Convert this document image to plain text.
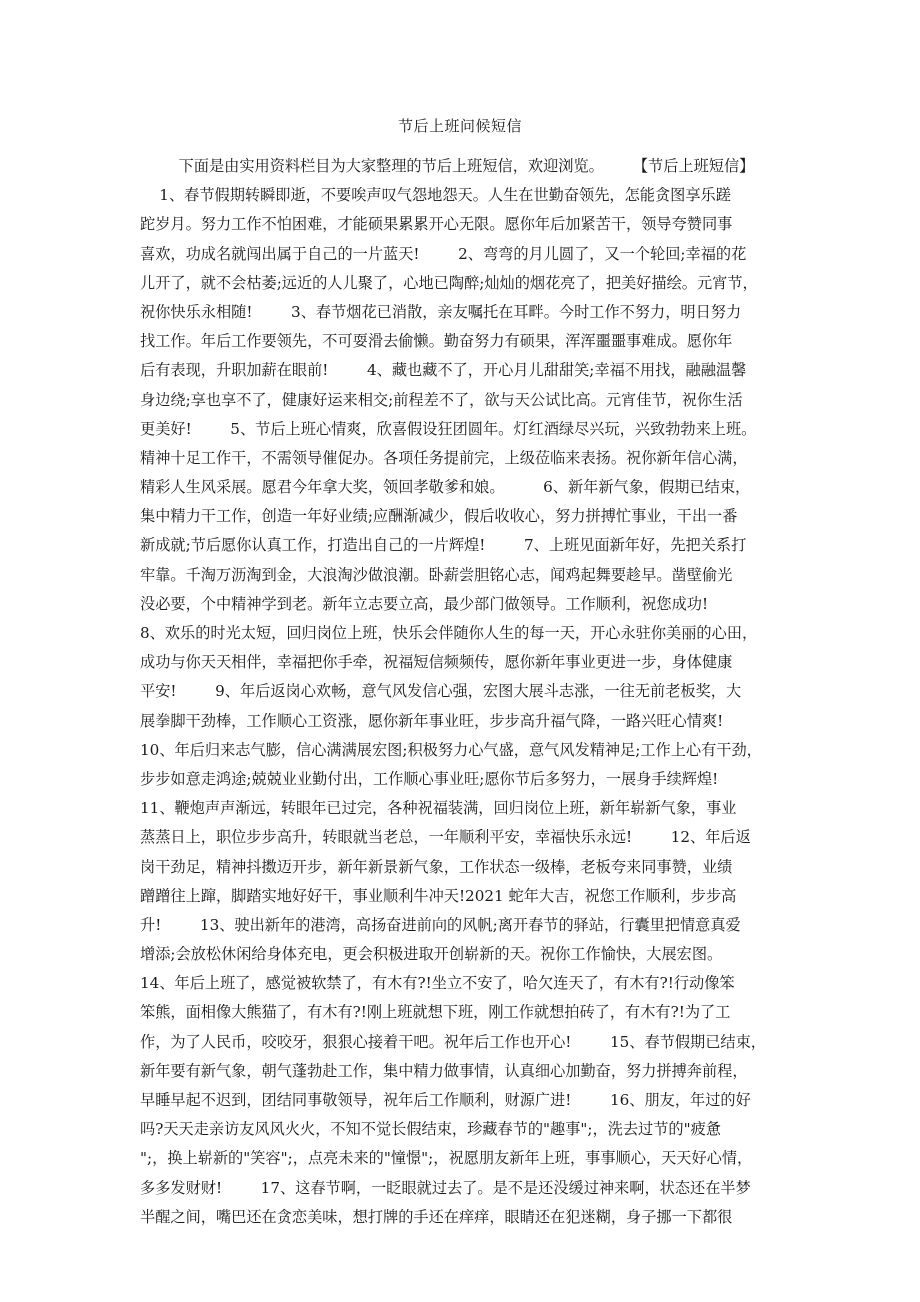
节后上班问候短信
下面是由实用资料栏目为大家整理的节后上班短信，欢迎浏览。      【节后上班短信】
1、春节假期转瞬即逝，不要唉声叹气怨地怨天。人生在世勤奋领先，怎能贪图享乐蹉
跎岁月。努力工作不怕困难，才能硕果累累开心无限。愿你年后加紧苦干，领导夸赞同事
喜欢，功成名就闯出属于自己的一片蓝天!        2、弯弯的月儿圆了，又一个轮回;幸福的花
儿开了，就不会枯萎;远近的人儿聚了，心地已陶醉;灿灿的烟花亮了，把美好描绘。元宵节，
祝你快乐永相随!        3、春节烟花已消散，亲友嘱托在耳畔。今时工作不努力，明日努力
找工作。年后工作要领先，不可耍滑去偷懒。勤奋努力有硕果，浑浑噩噩事难成。愿你年
后有表现，升职加薪在眼前!        4、藏也藏不了，开心月儿甜甜笑;幸福不用找，融融温馨
身边绕;享也享不了，健康好运来相交;前程差不了，欲与天公试比高。元宵佳节，祝你生活
更美好!        5、节后上班心情爽，欣喜假设狂团圆年。灯红酒绿尽兴玩，兴致勃勃来上班。
精神十足工作干，不需领导催促办。各项任务提前完，上级莅临来表扬。祝你新年信心满，
精彩人生风采展。愿君今年拿大奖，领回孝敬爹和娘。        6、新年新气象，假期已结束，
集中精力干工作，创造一年好业绩;应酬渐减少，假后收收心，努力拼搏忙事业，干出一番
新成就;节后愿你认真工作，打造出自己的一片辉煌!        7、上班见面新年好，先把关系打
牢靠。千淘万沥淘到金，大浪淘沙做浪潮。卧薪尝胆铭心志，闻鸡起舞要趁早。凿壁偷光
没必要，个中精神学到老。新年立志要立高，最少部门做领导。工作顺利，祝您成功!
8、欢乐的时光太短，回归岗位上班，快乐会伴随你人生的每一天，开心永驻你美丽的心田，
成功与你天天相伴，幸福把你手牵，祝福短信频频传，愿你新年事业更进一步，身体健康
平安!        9、年后返岗心欢畅，意气风发信心强，宏图大展斗志涨，一往无前老板奖，大
展拳脚干劲棒，工作顺心工资涨，愿你新年事业旺，步步高升福气降，一路兴旺心情爽!
10、年后归来志气膨，信心满满展宏图;积极努力心气盛，意气风发精神足;工作上心有干劲，
步步如意走鸿途;兢兢业业勤付出，工作顺心事业旺;愿你节后多努力，一展身手续辉煌!
11、鞭炮声声渐远，转眼年已过完，各种祝福装满，回归岗位上班，新年崭新气象，事业
蒸蒸日上，职位步步高升，转眼就当老总，一年顺利平安，幸福快乐永远!        12、年后返
岗干劲足，精神抖擞迈开步，新年新景新气象，工作状态一级棒，老板夸来同事赞，业绩
蹭蹭往上蹿，脚踏实地好好干，事业顺利牛冲天!2021 蛇年大吉，祝您工作顺利，步步高
升!        13、驶出新年的港湾，高扬奋进前向的风帆;离开春节的驿站，行囊里把情意真爱
增添;会放松休闲给身体充电，更会积极进取开创崭新的天。祝你工作愉快，大展宏图。
14、年后上班了，感觉被软禁了，有木有?!坐立不安了，哈欠连天了，有木有?!行动像笨
笨熊，面相像大熊猫了，有木有?!刚上班就想下班，刚工作就想拍砖了，有木有?!为了工
作，为了人民币，咬咬牙，狠狠心接着干吧。祝年后工作也开心!        15、春节假期已结束，
新年要有新气象，朝气蓬勃赴工作，集中精力做事情，认真细心加勤奋，努力拼搏奔前程，
早睡早起不迟到，团结同事敬领导，祝年后工作顺利，财源广进!        16、朋友，年过的好
吗?天天走亲访友风风火火，不知不觉长假结束，珍藏春节的"趣事";，洗去过节的"疲惫
";，换上崭新的"笑容";，点亮未来的"憧憬";，祝愿朋友新年上班，事事顺心，天天好心情，
多多发财财!        17、这春节啊，一眨眼就过去了。是不是还没缓过神来啊，状态还在半梦
半醒之间，嘴巴还在贪恋美味，想打牌的手还在痒痒，眼睛还在犯迷糊，身子挪一下都很
